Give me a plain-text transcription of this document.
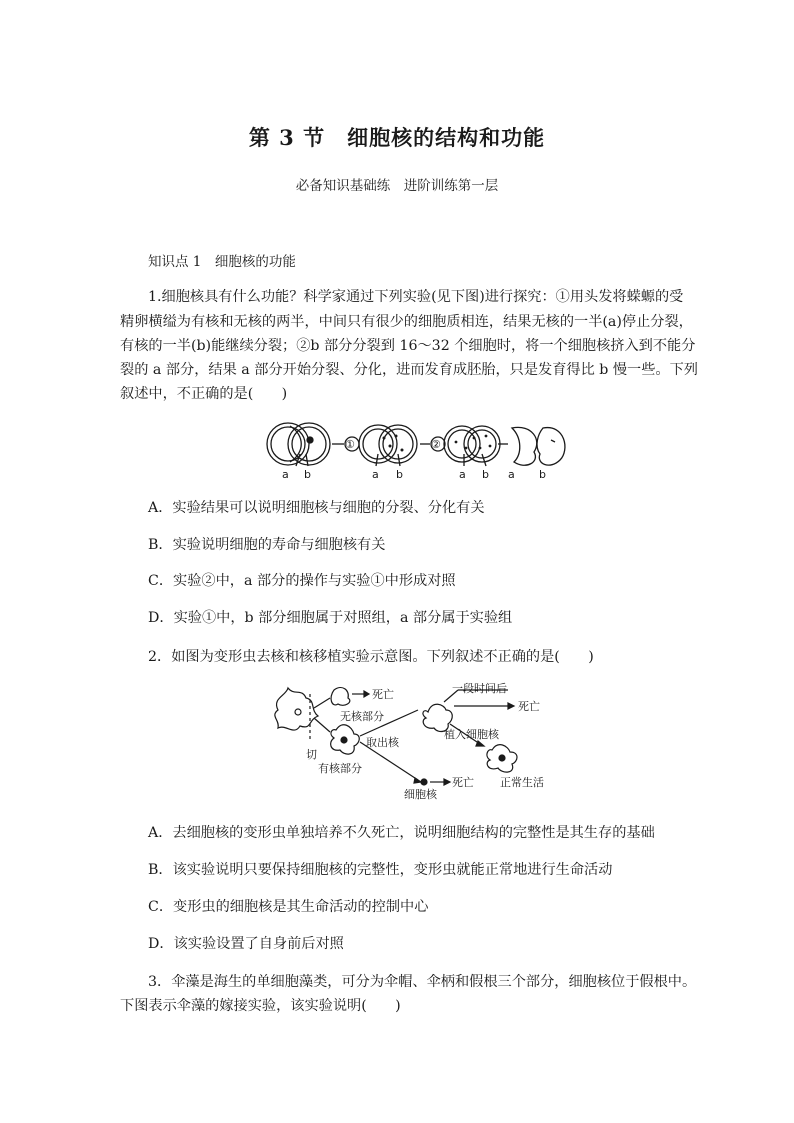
第 3 节　细胞核的结构和功能
必备知识基础练　进阶训练第一层
知识点 1　细胞核的功能
1.细胞核具有什么功能？科学家通过下列实验(见下图)进行探究：①用头发将蝾螈的受
精卵横缢为有核和无核的两半，中间只有很少的细胞质相连，结果无核的一半(a)停止分裂，
有核的一半(b)能继续分裂；②b 部分分裂到 16～32 个细胞时，将一个细胞核挤入到不能分
裂的 a 部分，结果 a 部分开始分裂、分化，进而发育成胚胎，只是发育得比 b 慢一些。下列
叙述中，不正确的是(　　)
①	②
a b	a b	a b a b
A．实验结果可以说明细胞核与细胞的分裂、分化有关
B．实验说明细胞的寿命与细胞核有关
C．实验②中，a 部分的操作与实验①中形成对照
D．实验①中，b 部分细胞属于对照组，a 部分属于实验组
2．如图为变形虫去核和核移植实验示意图。下列叙述不正确的是(　　)
死亡
无核部分
切
取出核
有核部分
一段时间后
死亡
植入细胞核
正常生活
死亡
细胞核
A．去细胞核的变形虫单独培养不久死亡，说明细胞结构的完整性是其生存的基础
B．该实验说明只要保持细胞核的完整性，变形虫就能正常地进行生命活动
C．变形虫的细胞核是其生命活动的控制中心
D．该实验设置了自身前后对照
3．伞藻是海生的单细胞藻类，可分为伞帽、伞柄和假根三个部分，细胞核位于假根中。
下图表示伞藻的嫁接实验，该实验说明(　　)
